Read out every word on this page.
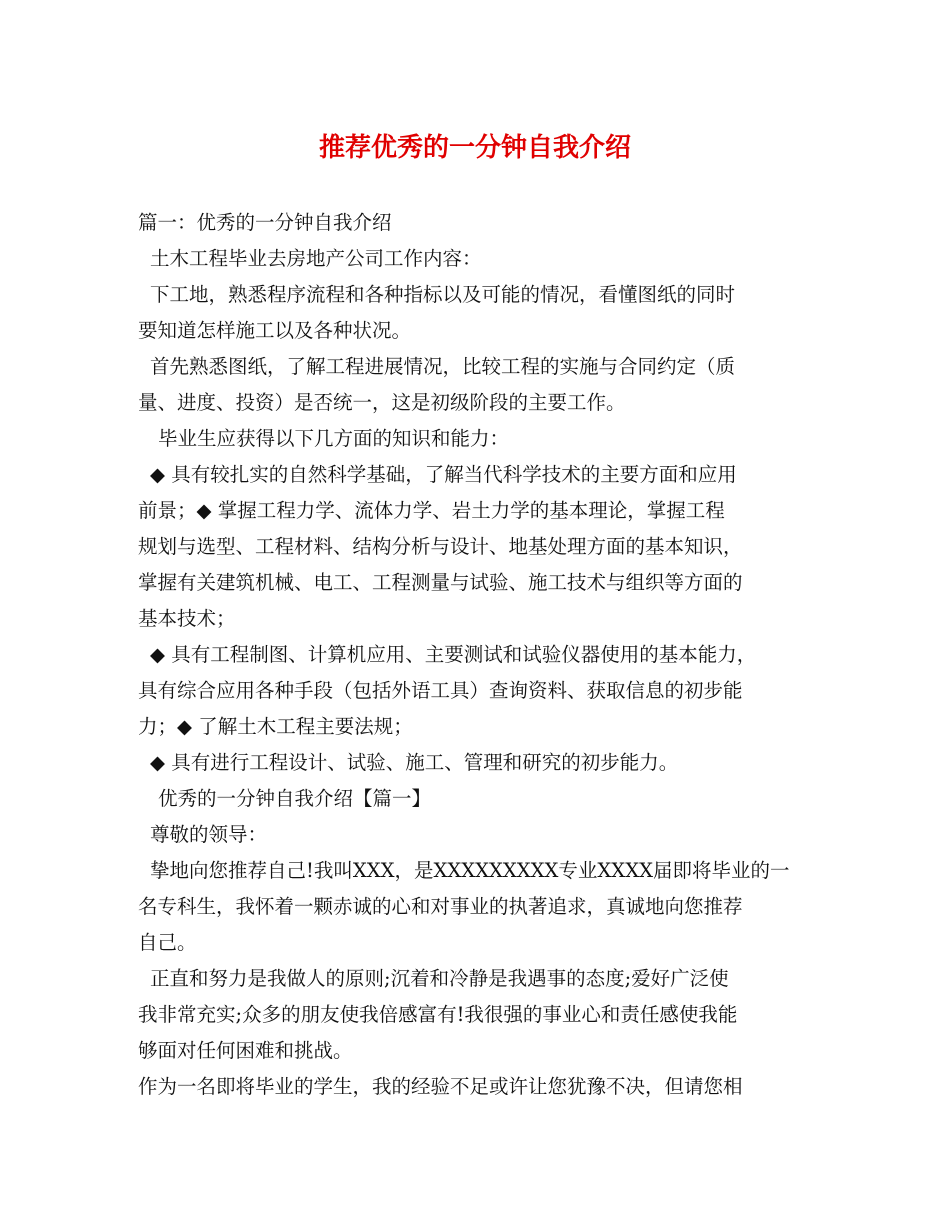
推荐优秀的一分钟自我介绍
篇一：优秀的一分钟自我介绍
土木工程毕业去房地产公司工作内容：
下工地，熟悉程序流程和各种指标以及可能的情况，看懂图纸的同时
要知道怎样施工以及各种状况。
首先熟悉图纸，了解工程进展情况，比较工程的实施与合同约定（质
量、进度、投资）是否统一，这是初级阶段的主要工作。
毕业生应获得以下几方面的知识和能力：
◆ 具有较扎实的自然科学基础，了解当代科学技术的主要方面和应用
前景；◆ 掌握工程力学、流体力学、岩土力学的基本理论，掌握工程
规划与选型、工程材料、结构分析与设计、地基处理方面的基本知识，
掌握有关建筑机械、电工、工程测量与试验、施工技术与组织等方面的
基本技术；
◆ 具有工程制图、计算机应用、主要测试和试验仪器使用的基本能力，
具有综合应用各种手段（包括外语工具）查询资料、获取信息的初步能
力；◆ 了解土木工程主要法规；
◆ 具有进行工程设计、试验、施工、管理和研究的初步能力。
优秀的一分钟自我介绍【篇一】
尊敬的领导：
挚地向您推荐自己!我叫XXX，是XXXXXXXXX专业XXXX届即将毕业的一
名专科生，我怀着一颗赤诚的心和对事业的执著追求，真诚地向您推荐
自己。
正直和努力是我做人的原则;沉着和冷静是我遇事的态度;爱好广泛使
我非常充实;众多的朋友使我倍感富有!我很强的事业心和责任感使我能
够面对任何困难和挑战。
作为一名即将毕业的学生，我的经验不足或许让您犹豫不决，但请您相
